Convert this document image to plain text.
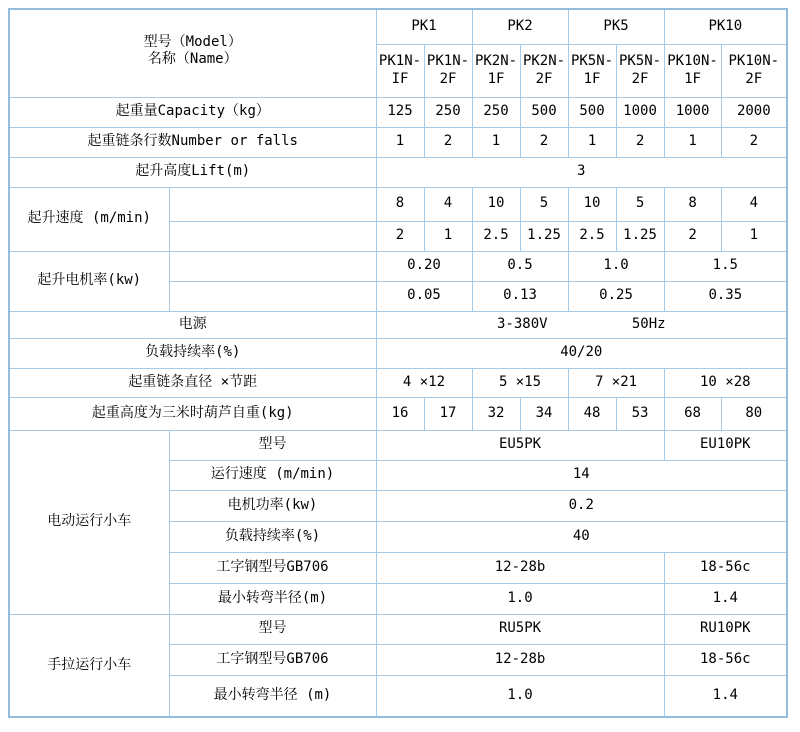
型号（Model）
名称（Name）		PK1		PK2		PK5		PK10	
		PK1N-IF	PK1N-2F	PK2N-1F	PK2N-2F	PK5N-1F	PK5N-2F	PK10N-1F	PK10N-2F
起重量Capacity（kg）		125	250	250	500	500	1000	1000	2000
起重链条行数Number or falls		1	2	1	2	1	2	1	2
起升高度Lift(m)		3							
起升速度 (m/min)		8	4	10	5	10	5	8	4
		2	1	2.5	1.25	2.5	1.25	2	1
起升电机率(kw)		0.20		0.5		1.0		1.5	
		0.05		0.13		0.25		0.35	
电源		3-380V          50Hz							
负载持续率(%)		40/20							
起重链条直径 ×节距		4 ×12		5 ×15		7 ×21		10 ×28	
起重高度为三米时葫芦自重(kg)		16	17	32	34	48	53	68	80
电动运行小车	型号	EU5PK						EU10PK	
	运行速度 (m/min)	14							
	电机功率(kw)	0.2							
	负载持续率(%)	40							
	工字钢型号GB706	12-28b						18-56c	
	最小转弯半径(m)	1.0						1.4	
手拉运行小车	型号	RU5PK						RU10PK	
	工字钢型号GB706	12-28b						18-56c	
	最小转弯半径 (m)	1.0						1.4	
